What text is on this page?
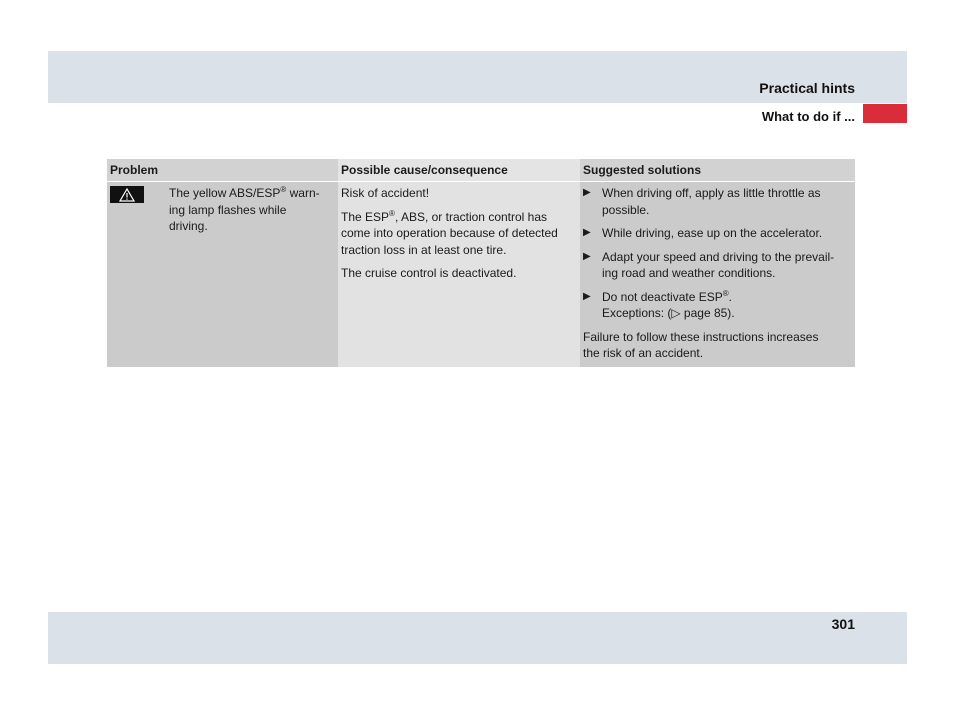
Practical hints
What to do if ...
Problem	Possible cause/consequence	Suggested solutions
The yellow ABS/ESP® warn-
ing lamp flashes while
driving.

Risk of accident!

The ESP®, ABS, or traction control has
come into operation because of detected
traction loss in at least one tire.

The cruise control is deactivated.

▶ When driving off, apply as little throttle as
possible.
▶ While driving, ease up on the accelerator.
▶ Adapt your speed and driving to the prevail-
ing road and weather conditions.
▶ Do not deactivate ESP®.
Exceptions: (▷ page 85).
Failure to follow these instructions increases
the risk of an accident.
301
